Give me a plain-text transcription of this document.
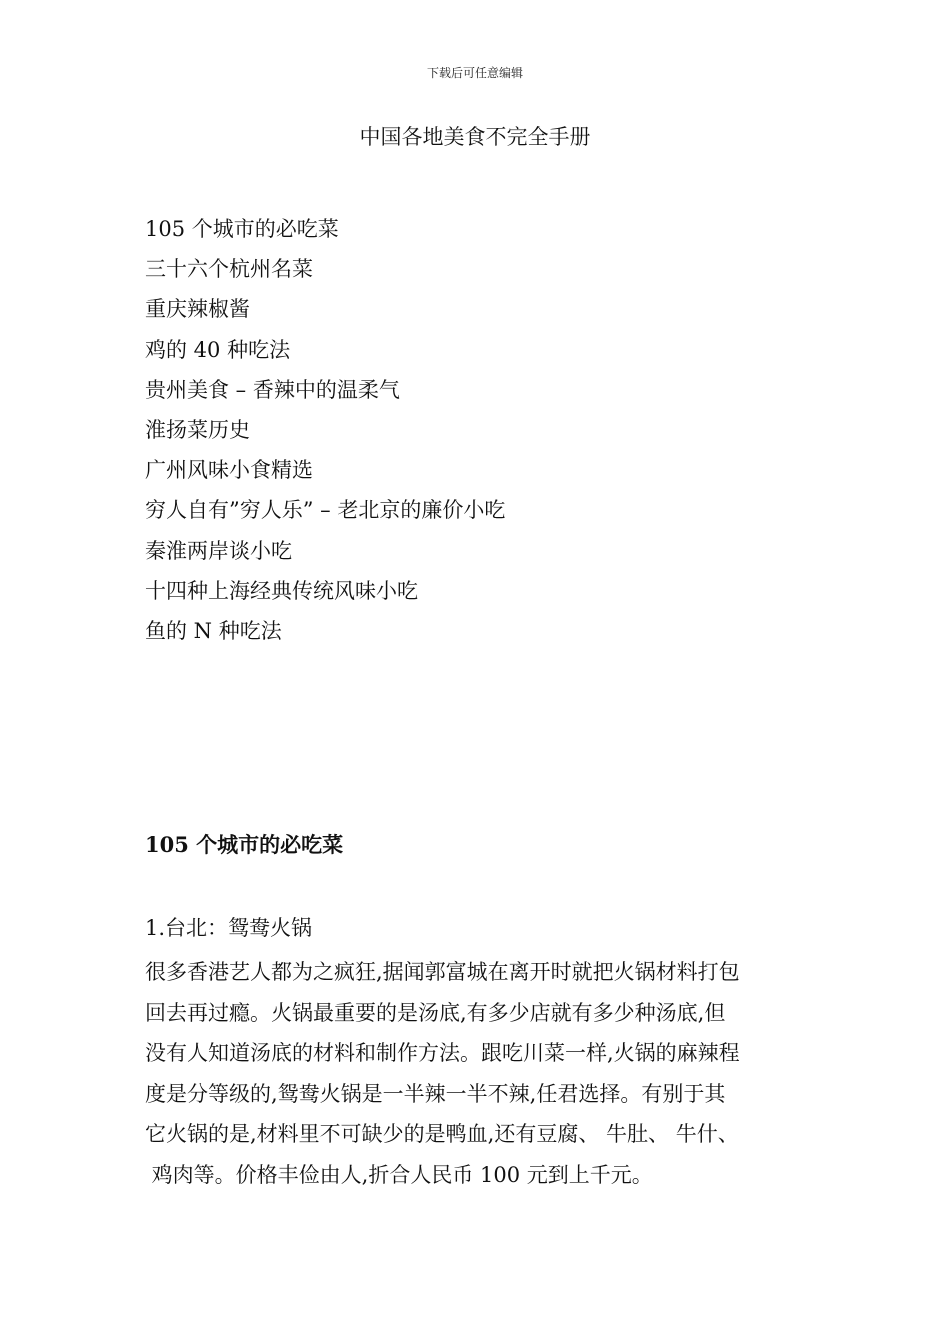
下载后可任意编辑
中国各地美食不完全手册
105 个城市的必吃菜
三十六个杭州名菜
重庆辣椒酱
鸡的 40 种吃法
贵州美食 – 香辣中的温柔气
淮扬菜历史
广州风味小食精选
穷人自有”穷人乐” – 老北京的廉价小吃
秦淮两岸谈小吃
十四种上海经典传统风味小吃
鱼的 N 种吃法
105 个城市的必吃菜
1.台北：鸳鸯火锅
很多香港艺人都为之疯狂,据闻郭富城在离开时就把火锅材料打包
回去再过瘾。火锅最重要的是汤底,有多少店就有多少种汤底,但
没有人知道汤底的材料和制作方法。跟吃川菜一样,火锅的麻辣程
度是分等级的,鸳鸯火锅是一半辣一半不辣,任君选择。有别于其
它火锅的是,材料里不可缺少的是鸭血,还有豆腐、 牛肚、 牛什、
鸡肉等。价格丰俭由人,折合人民币 100 元到上千元。
